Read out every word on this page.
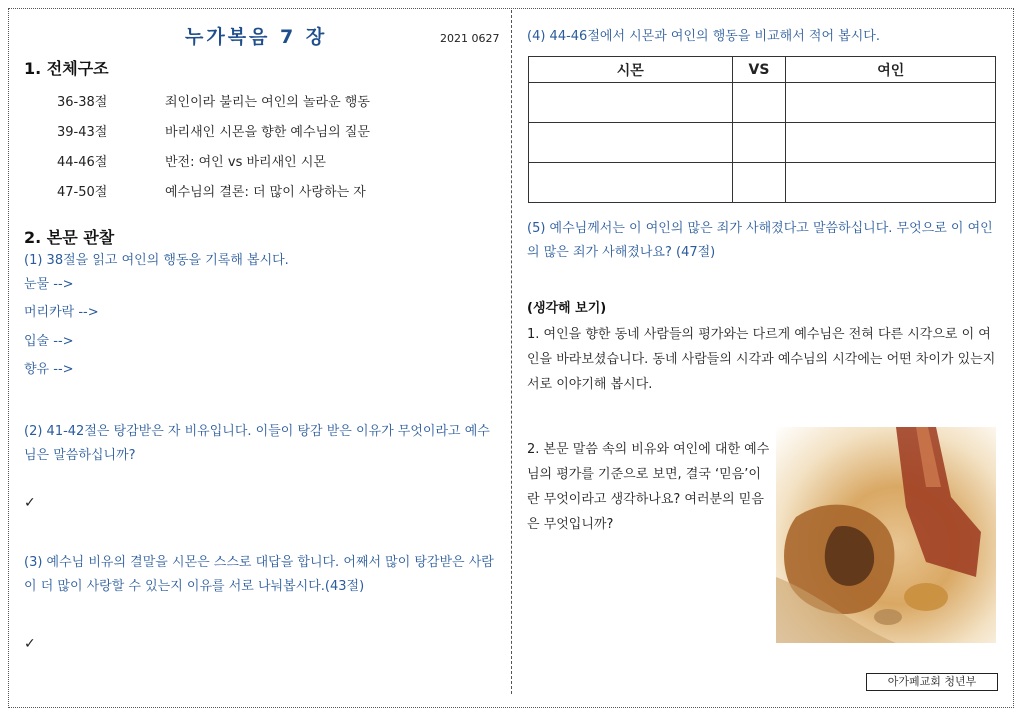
누가복음 7 장	2021 0627
1. 전체구조
36-38절	죄인이라 불리는 여인의 놀라운 행동
39-43절	바리새인 시몬을 향한 예수님의 질문
44-46절	반전: 여인 vs 바리새인 시몬
47-50절	예수님의 결론: 더 많이 사랑하는 자
2. 본문 관찰
(1) 38절을 읽고 여인의 행동을 기록해 봅시다.
눈물 -->
머리카락 -->
입술 -->
향유 -->
(2) 41-42절은 탕감받은 자 비유입니다. 이들이 탕감 받은 이유가 무엇이라고 예수님은 말씀하십니까?
✓
(3) 예수님 비유의 결말을 시몬은 스스로 대답을 합니다. 어째서 많이 탕감받은 사람이 더 많이 사랑할 수 있는지 이유를 서로 나눠봅시다.(43절)
✓
(4) 44-46절에서 시몬과 여인의 행동을 비교해서 적어 봅시다.
시몬	VS	여인

(5) 예수님께서는 이 여인의 많은 죄가 사해졌다고 말씀하십니다. 무엇으로 이 여인의 많은 죄가 사해졌나요? (47절)
(생각해 보기)
1. 여인을 향한 동네 사람들의 평가와는 다르게 예수님은 전혀 다른 시각으로 이 여인을 바라보셨습니다. 동네 사람들의 시각과 예수님의 시각에는 어떤 차이가 있는지 서로 이야기해 봅시다.
2. 본문 말씀 속의 비유와 여인에 대한 예수님의 평가를 기준으로 보면, 결국 ‘믿음’이란 무엇이라고 생각하나요? 여러분의 믿음은 무엇입니까?
아가페교회 청년부
